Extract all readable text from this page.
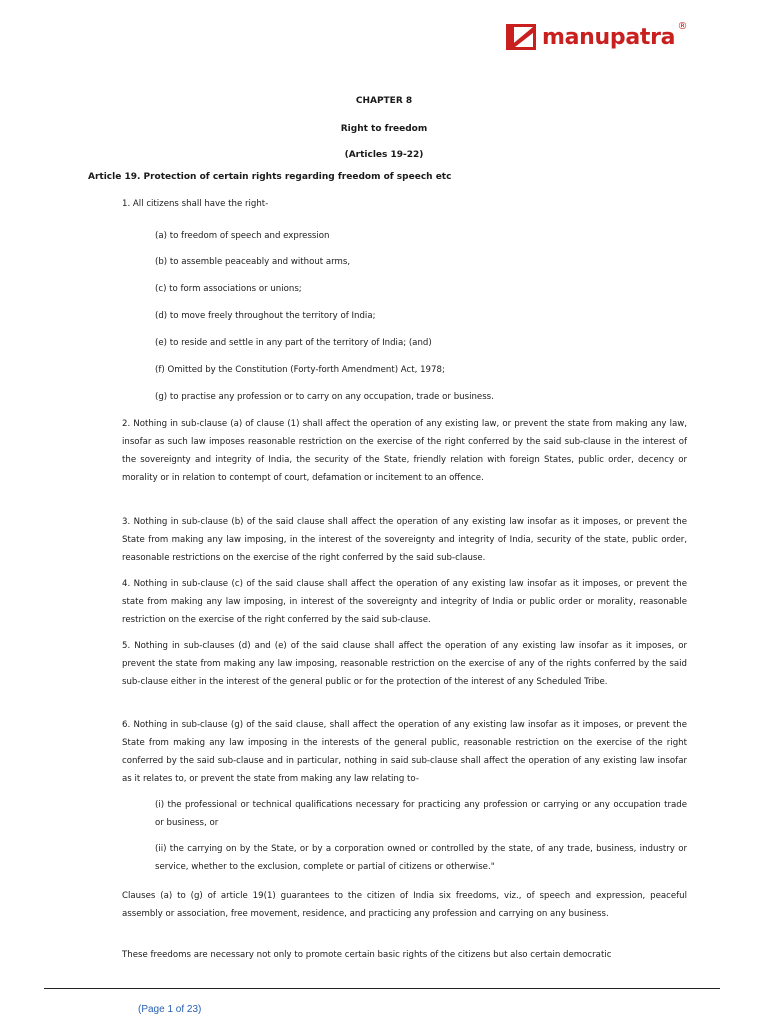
manupatra ®
CHAPTER 8
Right to freedom
(Articles 19-22)
Article 19. Protection of certain rights regarding freedom of speech etc
1. All citizens shall have the right-
(a) to freedom of speech and expression
(b) to assemble peaceably and without arms,
(c) to form associations or unions;
(d) to move freely throughout the territory of India;
(e) to reside and settle in any part of the territory of India; (and)
(f) Omitted by the Constitution (Forty-forth Amendment) Act, 1978;
(g) to practise any profession or to carry on any occupation, trade or business.
2. Nothing in sub-clause (a) of clause (1) shall affect the operation of any existing law, or prevent the state from making any law, insofar as such law imposes reasonable restriction on the exercise of the right conferred by the said sub-clause in the interest of the sovereignty and integrity of India, the security of the State, friendly relation with foreign States, public order, decency or morality or in relation to contempt of court, defamation or incitement to an offence.
3. Nothing in sub-clause (b) of the said clause shall affect the operation of any existing law insofar as it imposes, or prevent the State from making any law imposing, in the interest of the sovereignty and integrity of India, security of the state, public order, reasonable restrictions on the exercise of the right conferred by the said sub-clause.
4. Nothing in sub-clause (c) of the said clause shall affect the operation of any existing law insofar as it imposes, or prevent the state from making any law imposing, in interest of the sovereignty and integrity of India or public order or morality, reasonable restriction on the exercise of the right conferred by the said sub-clause.
5. Nothing in sub-clauses (d) and (e) of the said clause shall affect the operation of any existing law insofar as it imposes, or prevent the state from making any law imposing, reasonable restriction on the exercise of any of the rights conferred by the said sub-clause either in the interest of the general public or for the protection of the interest of any Scheduled Tribe.
6. Nothing in sub-clause (g) of the said clause, shall affect the operation of any existing law insofar as it imposes, or prevent the State from making any law imposing in the interests of the general public, reasonable restriction on the exercise of the right conferred by the said sub-clause and in particular, nothing in said sub-clause shall affect the operation of any existing law insofar as it relates to, or prevent the state from making any law relating to-
(i) the professional or technical qualifications necessary for practicing any profession or carrying or any occupation trade or business, or
(ii) the carrying on by the State, or by a corporation owned or controlled by the state, of any trade, business, industry or service, whether to the exclusion, complete or partial of citizens or otherwise."
Clauses (a) to (g) of article 19(1) guarantees to the citizen of India six freedoms, viz., of speech and expression, peaceful assembly or association, free movement, residence, and practicing any profession and carrying on any business.
These freedoms are necessary not only to promote certain basic rights of the citizens but also certain democratic
(Page 1 of 23)
